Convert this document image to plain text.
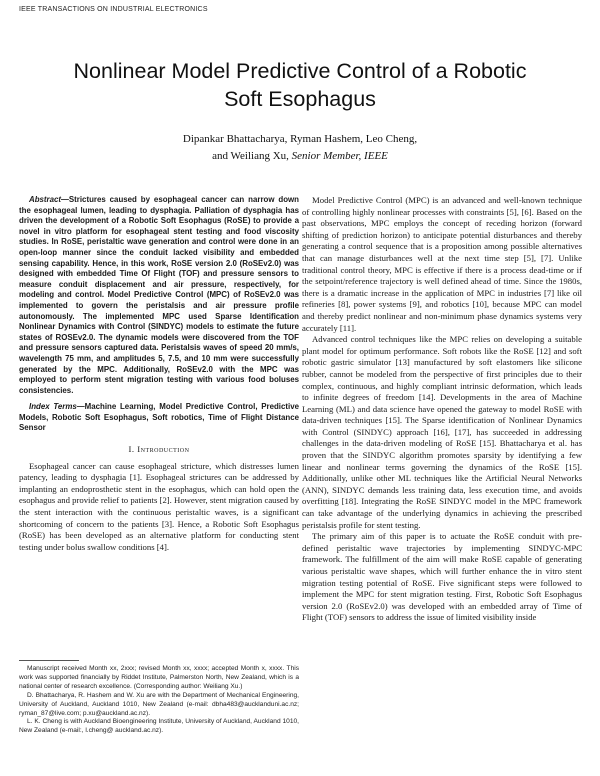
IEEE TRANSACTIONS ON INDUSTRIAL ELECTRONICS
Nonlinear Model Predictive Control of a Robotic
Soft Esophagus
Dipankar Bhattacharya, Ryman Hashem, Leo Cheng,
and Weiliang Xu, Senior Member, IEEE

Abstract—Strictures caused by esophageal cancer can narrow down the esophageal lumen, leading to dysphagia. Palliation of dysphagia has driven the development of a Robotic Soft Esophagus (RoSE) to provide a novel in vitro platform for esophageal stent testing and food viscosity studies. In RoSE, peristaltic wave generation and control were done in an open-loop manner since the conduit lacked visibility and embedded sensing capability. Hence, in this work, RoSE version 2.0 (RoSEv2.0) was designed with embedded Time Of Flight (TOF) and pressure sensors to measure conduit displacement and air pressure, respectively, for modeling and control. Model Predictive Control (MPC) of RoSEv2.0 was implemented to govern the peristalsis and air pressure profile autonomously. The implemented MPC used Sparse Identification Nonlinear Dynamics with Control (SINDYC) models to estimate the future states of ROSEv2.0. The dynamic models were discovered from the TOF and pressure sensors captured data. Peristalsis waves of speed 20 mm/s, wavelength 75 mm, and amplitudes 5, 7.5, and 10 mm were successfully generated by the MPC. Additionally, RoSEv2.0 with the MPC was employed to perform stent migration testing with various food boluses consistencies.

Index Terms—Machine Learning, Model Predictive Control, Predictive Models, Robotic Soft Esophagus, Soft robotics, Time of Flight Distance Sensor

I. Introduction

Esophageal cancer can cause esophageal stricture, which distresses lumen patency, leading to dysphagia [1]. Esophageal strictures can be addressed by implanting an endoprosthetic stent in the esophagus, which can hold open the esophagus and provide relief to patients [2]. However, stent migration caused by the stent interaction with the continuous peristaltic waves, is a significant shortcoming of concern to the patients [3]. Hence, a Robotic Soft Esophagus (RoSE) has been developed as an alternative platform for conducting stent testing under bolus swallow conditions [4].

Manuscript received Month xx, 2xxx; revised Month xx, xxxx; accepted Month x, xxxx. This work was supported financially by Riddet Institute, Palmerston North, New Zealand, which is a national center of research excellence. (Corresponding author: Weiliang Xu.)

D. Bhattacharya, R. Hashem and W. Xu are with the Department of Mechanical Engineering, University of Auckland, Auckland 1010, New Zealand (e-mail: dbha483@aucklanduni.ac.nz; ryman_87@live.com; p.xu@auckland.ac.nz).

L. K. Cheng is with Auckland Bioengineering Institute, University of Auckland, Auckland 1010, New Zealand (e-mail:, l.cheng@ auckland.ac.nz).

Model Predictive Control (MPC) is an advanced and well-known technique of controlling highly nonlinear processes with constraints [5], [6]. Based on the past observations, MPC employs the concept of receding horizon (forward shifting of prediction horizon) to anticipate potential disturbances and thereby generating a control sequence that is a proposition among possible alternatives that can manage disturbances well at the next time step [5], [7]. Unlike traditional control theory, MPC is effective if there is a process dead-time or if the setpoint/reference trajectory is well defined ahead of time. Since the 1980s, there is a dramatic increase in the application of MPC in industries [7] like oil refineries [8], power systems [9], and robotics [10], because MPC can model and thereby predict nonlinear and non-minimum phase dynamics systems very accurately [11].

Advanced control techniques like the MPC relies on developing a suitable plant model for optimum performance. Soft robots like the RoSE [12] and soft robotic gastric simulator [13] manufactured by soft elastomers like silicone rubber, cannot be modeled from the perspective of first principles due to their complex, continuous, and highly compliant intrinsic deformation, which leads to infinite degrees of freedom [14]. Developments in the area of Machine Learning (ML) and data science have opened the gateway to model RoSE with data-driven techniques [15]. The Sparse identification of Nonlinear Dynamics with Control (SINDYC) approach [16], [17], has succeeded in addressing challenges in the data-driven modeling of RoSE [15]. Bhattacharya et al. has proven that the SINDYC algorithm promotes sparsity by identifying a few linear and nonlinear terms governing the dynamics of the RoSE [15]. Additionally, unlike other ML techniques like the Artificial Neural Networks (ANN), SINDYC demands less training data, less execution time, and avoids overfitting [18]. Integrating the RoSE SINDYC model in the MPC framework can take advantage of the underlying dynamics in achieving the prescribed peristalsis profile for stent testing.

The primary aim of this paper is to actuate the RoSE conduit with pre-defined peristaltic wave trajectories by implementing SINDYC-MPC framework. The fulfillment of the aim will make RoSE capable of generating various peristaltic wave shapes, which will further enhance the in vitro stent migration testing potential of RoSE. Five significant steps were followed to implement the MPC for stent migration testing. First, Robotic Soft Esophagus version 2.0 (RoSEv2.0) was developed with an embedded array of Time of Flight (TOF) sensors to address the issue of limited visibility inside
